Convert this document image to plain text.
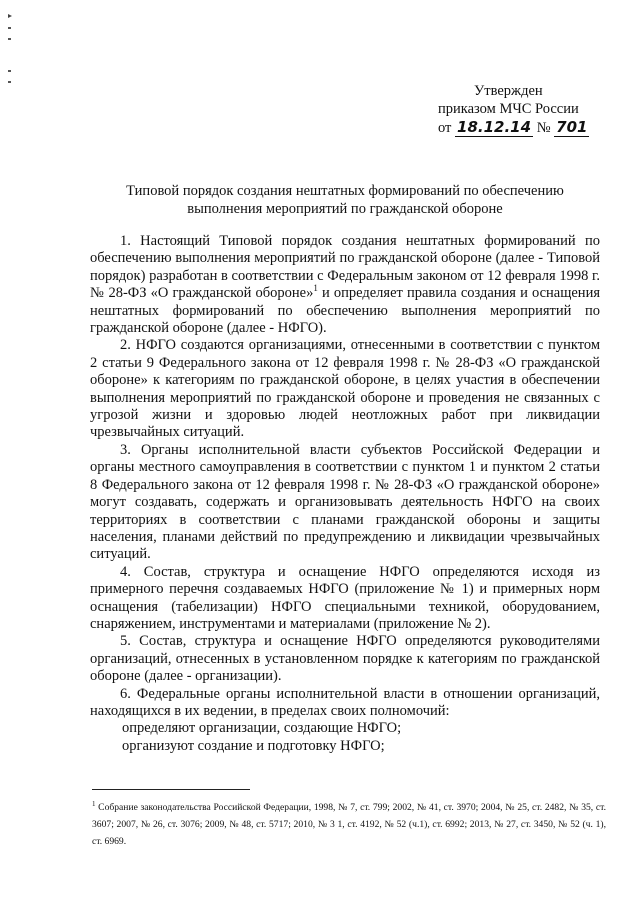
Утвержден
приказом МЧС России
от 18.12.14 № 701
Типовой порядок создания нештатных формирований по обеспечению
выполнения мероприятий по гражданской обороне

1. Настоящий Типовой порядок создания нештатных формирований по обеспечению выполнения мероприятий по гражданской обороне (далее - Типовой порядок) разработан в соответствии с Федеральным законом от 12 февраля 1998 г. № 28-ФЗ «О гражданской обороне»$^1$ и определяет правила создания и оснащения нештатных формирований по обеспечению выполнения мероприятий по гражданской обороне (далее - НФГО).

2. НФГО создаются организациями, отнесенными в соответствии с пунктом 2 статьи 9 Федерального закона от 12 февраля 1998 г. № 28-ФЗ «О гражданской обороне» к категориям по гражданской обороне, в целях участия в обеспечении выполнения мероприятий по гражданской обороне и проведения не связанных с угрозой жизни и здоровью людей неотложных работ при ликвидации чрезвычайных ситуаций.

3. Органы исполнительной власти субъектов Российской Федерации и органы местного самоуправления в соответствии с пунктом 1 и пунктом 2 статьи 8 Федерального закона от 12 февраля 1998 г. № 28-ФЗ «О гражданской обороне» могут создавать, содержать и организовывать деятельность НФГО на своих территориях в соответствии с планами гражданской обороны и защиты населения, планами действий по предупреждению и ликвидации чрезвычайных ситуаций.

4. Состав, структура и оснащение НФГО определяются исходя из примерного перечня создаваемых НФГО (приложение № 1) и примерных норм оснащения (табелизации) НФГО специальными техникой, оборудованием, снаряжением, инструментами и материалами (приложение № 2).

5. Состав, структура и оснащение НФГО определяются руководителями организаций, отнесенных в установленном порядке к категориям по гражданской обороне (далее - организации).

6. Федеральные органы исполнительной власти в отношении организаций, находящихся в их ведении, в пределах своих полномочий:

определяют организации, создающие НФГО;

организуют создание и подготовку НФГО;

$^1$ Собрание законодательства Российской Федерации, 1998, № 7, ст. 799; 2002, № 41, ст. 3970; 2004, № 25, ст. 2482, № 35, ст. 3607; 2007, № 26, ст. 3076; 2009, № 48, ст. 5717; 2010, № 3 1, ст. 4192, № 52 (ч.1), ст. 6992; 2013, № 27, ст. 3450, № 52 (ч. 1), ст. 6969.
